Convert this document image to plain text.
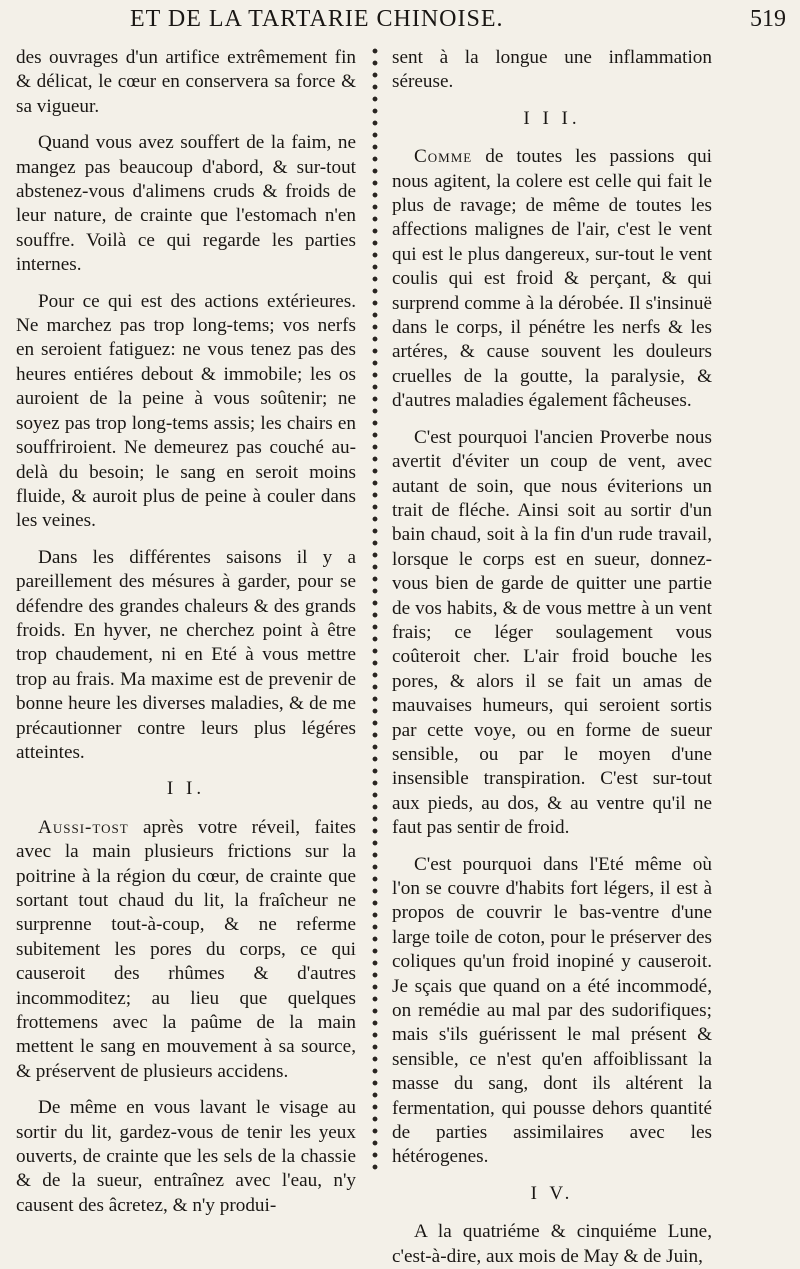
ET DE LA TARTARIE CHINOISE.	519

des ouvrages d'un artifice extrêmement fin & délicat, le cœur en conservera sa force & sa vigueur.

Quand vous avez souffert de la faim, ne mangez pas beaucoup d'abord, & sur-tout abstenez-vous d'alimens cruds & froids de leur nature, de crainte que l'estomach n'en souffre. Voilà ce qui regarde les parties internes.

Pour ce qui est des actions extérieures. Ne marchez pas trop long-tems; vos nerfs en seroient fatiguez: ne vous tenez pas des heures entiéres debout & immobile; les os auroient de la peine à vous soûtenir; ne soyez pas trop long-tems assis; les chairs en souffriroient. Ne demeurez pas couché au-delà du besoin; le sang en seroit moins fluide, & auroit plus de peine à couler dans les veines.

Dans les différentes saisons il y a pareillement des mésures à garder, pour se défendre des grandes chaleurs & des grands froids. En hyver, ne cherchez point à être trop chaudement, ni en Eté à vous mettre trop au frais. Ma maxime est de prevenir de bonne heure les diverses maladies, & de me précautionner contre leurs plus légéres atteintes.

I I.

Aussi-tost après votre réveil, faites avec la main plusieurs frictions sur la poitrine à la région du cœur, de crainte que sortant tout chaud du lit, la fraîcheur ne surprenne tout-à-coup, & ne referme subitement les pores du corps, ce qui causeroit des rhûmes & d'autres incommoditez; au lieu que quelques frottemens avec la paûme de la main mettent le sang en mouvement à sa source, & préservent de plusieurs accidens.

De même en vous lavant le visage au sortir du lit, gardez-vous de tenir les yeux ouverts, de crainte que les sels de la chassie & de la sueur, entraînez avec l'eau, n'y causent des âcretez, & n'y produi-

sent à la longue une inflammation séreuse.

I I I.

Comme de toutes les passions qui nous agitent, la colere est celle qui fait le plus de ravage; de même de toutes les affections malignes de l'air, c'est le vent qui est le plus dangereux, sur-tout le vent coulis qui est froid & perçant, & qui surprend comme à la dérobée. Il s'insinuë dans le corps, il pénétre les nerfs & les artéres, & cause souvent les douleurs cruelles de la goutte, la paralysie, & d'autres maladies également fâcheuses.

C'est pourquoi l'ancien Proverbe nous avertit d'éviter un coup de vent, avec autant de soin, que nous éviterions un trait de fléche. Ainsi soit au sortir d'un bain chaud, soit à la fin d'un rude travail, lorsque le corps est en sueur, donnez-vous bien de garde de quitter une partie de vos habits, & de vous mettre à un vent frais; ce léger soulagement vous coûteroit cher. L'air froid bouche les pores, & alors il se fait un amas de mauvaises humeurs, qui seroient sortis par cette voye, ou en forme de sueur sensible, ou par le moyen d'une insensible transpiration. C'est sur-tout aux pieds, au dos, & au ventre qu'il ne faut pas sentir de froid.

C'est pourquoi dans l'Eté même où l'on se couvre d'habits fort légers, il est à propos de couvrir le bas-ventre d'une large toile de coton, pour le préserver des coliques qu'un froid inopiné y causeroit. Je sçais que quand on a été incommodé, on remédie au mal par des sudorifiques; mais s'ils guérissent le mal présent & sensible, ce n'est qu'en affoiblissant la masse du sang, dont ils altérent la fermentation, qui pousse dehors quantité de parties assimilaires avec les hétérogenes.

I V.

A la quatriéme & cinquiéme Lune, c'est-à-dire, aux mois de May & de Juin,
